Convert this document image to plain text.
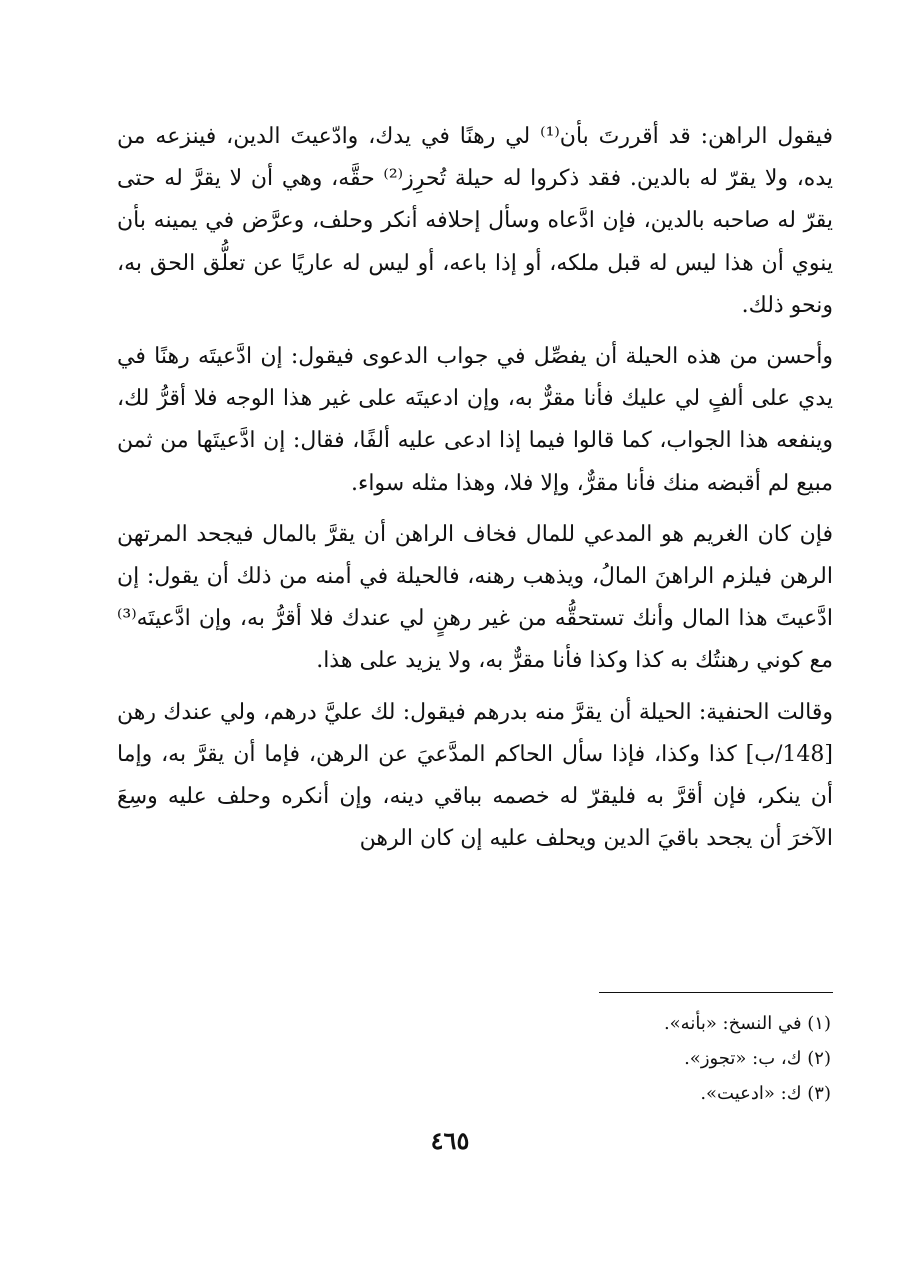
فيقول الراهن: قد أقررتَ بأن⁽¹⁾ لي رهنًا في يدك، وادّعيتَ الدين، فينزعه من يده، ولا يقرّ له بالدين. فقد ذكروا له حيلة تُحرِز⁽²⁾ حقَّه، وهي أن لا يقرَّ له حتى يقرّ له صاحبه بالدين، فإن ادَّعاه وسأل إحلافه أنكر وحلف، وعرَّض في يمينه بأن ينوي أن هذا ليس له قبل ملكه، أو إذا باعه، أو ليس له عاريًا عن تعلُّق الحق به، ونحو ذلك.

وأحسن من هذه الحيلة أن يفصِّل في جواب الدعوى فيقول: إن ادَّعيتَه رهنًا في يدي على ألفٍ لي عليك فأنا مقرٌّ به، وإن ادعيتَه على غير هذا الوجه فلا أقرُّ لك، وينفعه هذا الجواب، كما قالوا فيما إذا ادعى عليه ألفًا، فقال: إن ادَّعيتَها من ثمن مبيع لم أقبضه منك فأنا مقرٌّ، وإلا فلا، وهذا مثله سواء.

فإن كان الغريم هو المدعي للمال فخاف الراهن أن يقرَّ بالمال فيجحد المرتهن الرهن فيلزم الراهنَ المالُ، ويذهب رهنه، فالحيلة في أمنه من ذلك أن يقول: إن ادَّعيتَ هذا المال وأنك تستحقُّه من غير رهنٍ لي عندك فلا أقرُّ به، وإن ادَّعيتَه⁽³⁾ مع كوني رهنتُك به كذا وكذا فأنا مقرٌّ به، ولا يزيد على هذا.

وقالت الحنفية: الحيلة أن يقرَّ منه بدرهم فيقول: لك عليَّ درهم، ولي عندك رهن [148/ب] كذا وكذا، فإذا سأل الحاكم المدَّعيَ عن الرهن، فإما أن يقرَّ به، وإما أن ينكر، فإن أقرَّ به فليقرّ له خصمه بباقي دينه، وإن أنكره وحلف عليه وسِعَ الآخرَ أن يجحد باقيَ الدين ويحلف عليه إن كان الرهن

(١) في النسخ: «بأنه».
(٢) ك، ب: «تجوز».
(٣) ك: «ادعيت».
٤٦٥
